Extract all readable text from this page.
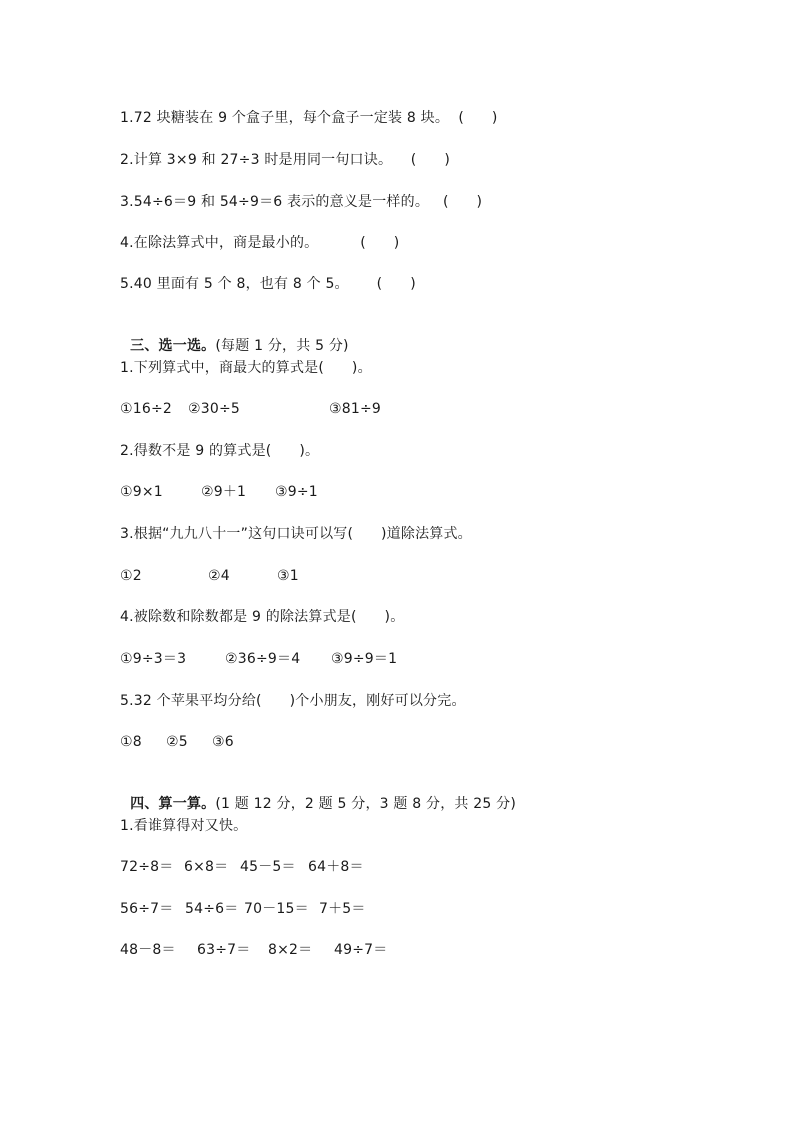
1.72 块糖装在 9 个盒子里，每个盒子一定装 8 块。  (      )
2.计算 3×9 和 27÷3 时是用同一句口诀。    (      )
3.54÷6＝9 和 54÷9＝6 表示的意义是一样的。   (      )
4.在除法算式中，商是最小的。         (      )
5.40 里面有 5 个 8，也有 8 个 5。      (      )

三、选一选。(每题 1 分，共 5 分)

1.下列算式中，商最大的算式是(      )。

①16÷2

②30÷5

	③81÷9

2.得数不是 9 的算式是(      )。

①9×1

	②9＋1

③9÷1

3.根据“九九八十一”这句口诀可以写(      )道除法算式。

①2

	②4

	③1

4.被除数和除数都是 9 的除法算式是(      )。

①9÷3＝3

	②36÷9＝4

③9÷9＝1

5.32 个苹果平均分给(      )个小朋友，刚好可以分完。

①8

②5

③6

四、算一算。(1 题 12 分，2 题 5 分，3 题 8 分，共 25 分)

1.看谁算得对又快。

72÷8＝

6×8＝

45－5＝

64＋8＝

56÷7＝

54÷6＝

70－15＝

7＋5＝

48－8＝

63÷7＝

8×2＝

49÷7＝
